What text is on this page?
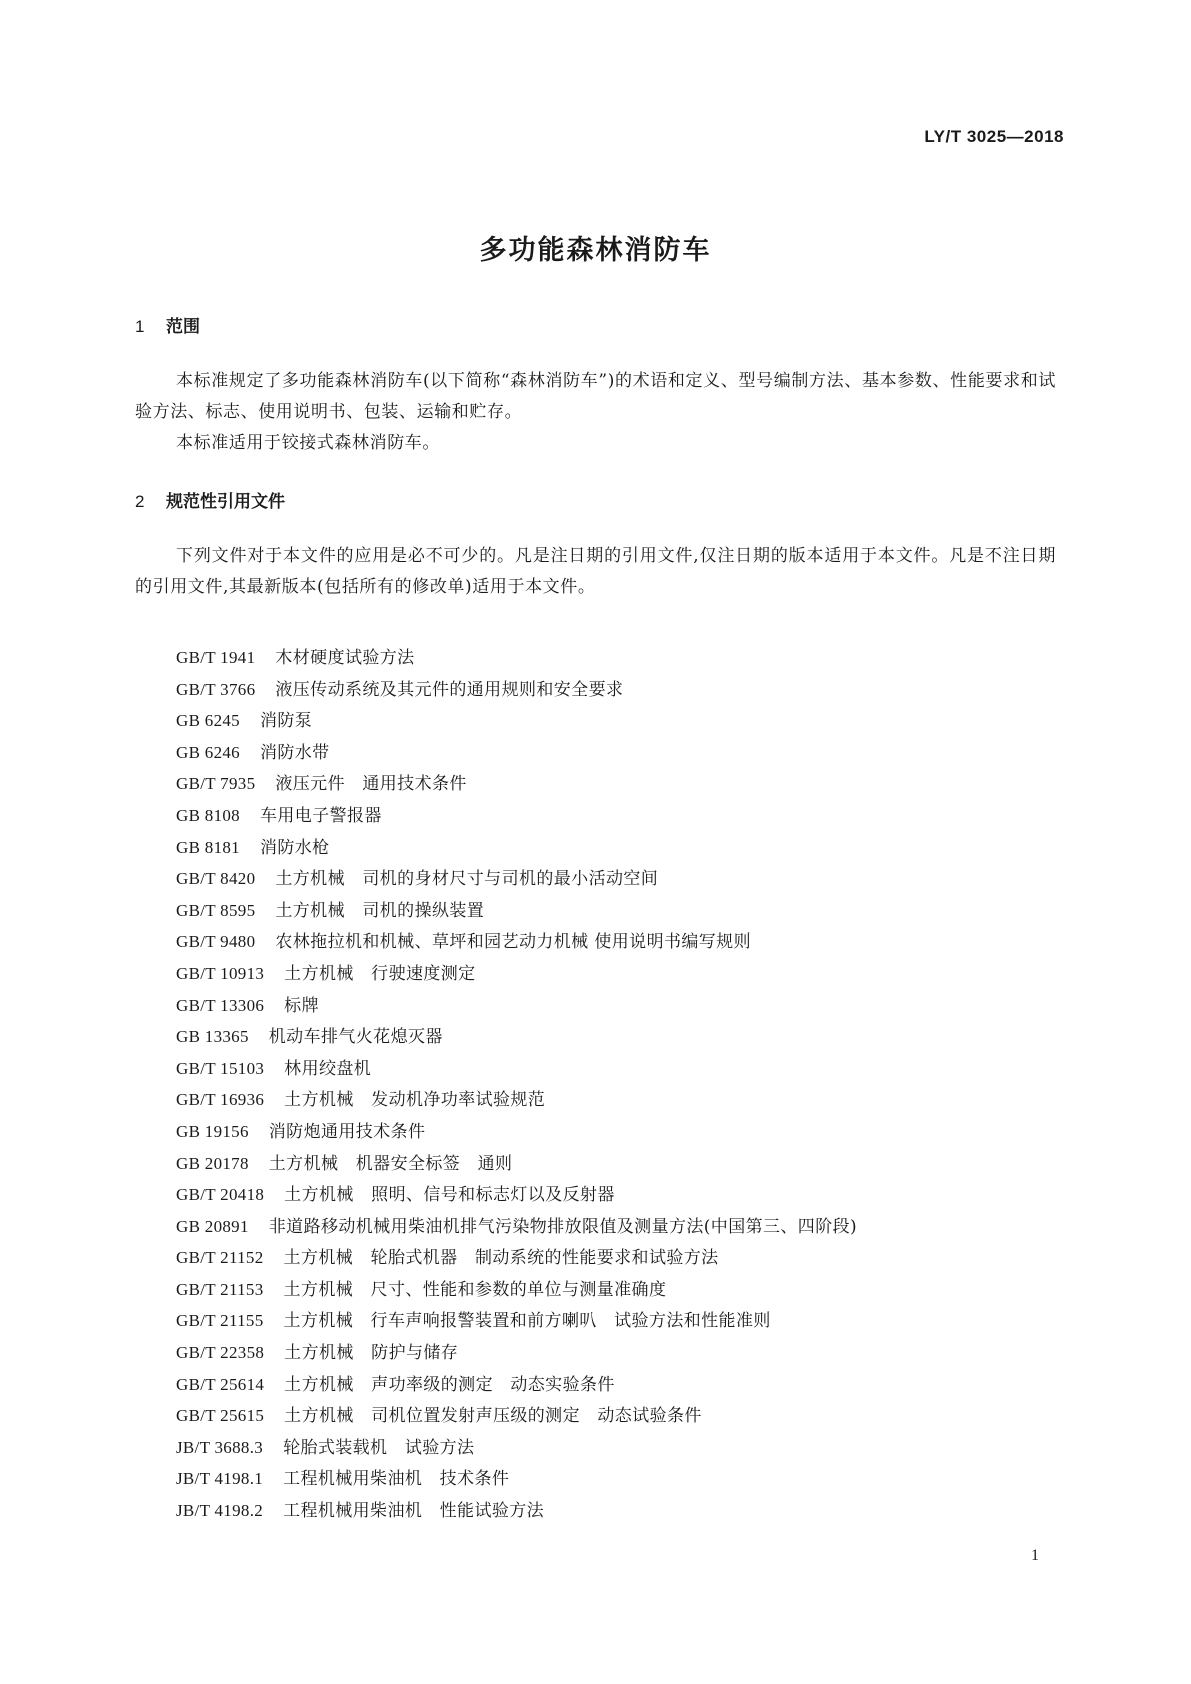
LY/T 3025—2018
多功能森林消防车
1 范围
本标准规定了多功能森林消防车(以下简称“森林消防车”)的术语和定义、型号编制方法、基本参数、性能要求和试验方法、标志、使用说明书、包装、运输和贮存。
本标准适用于铰接式森林消防车。
2 规范性引用文件
下列文件对于本文件的应用是必不可少的。凡是注日期的引用文件,仅注日期的版本适用于本文件。凡是不注日期的引用文件,其最新版本(包括所有的修改单)适用于本文件。
GB/T 1941 木材硬度试验方法
GB/T 3766 液压传动系统及其元件的通用规则和安全要求
GB 6245 消防泵
GB 6246 消防水带
GB/T 7935 液压元件　通用技术条件
GB 8108 车用电子警报器
GB 8181 消防水枪
GB/T 8420 土方机械　司机的身材尺寸与司机的最小活动空间
GB/T 8595 土方机械　司机的操纵装置
GB/T 9480 农林拖拉机和机械、草坪和园艺动力机械 使用说明书编写规则
GB/T 10913 土方机械　行驶速度测定
GB/T 13306 标牌
GB 13365 机动车排气火花熄灭器
GB/T 15103 林用绞盘机
GB/T 16936 土方机械　发动机净功率试验规范
GB 19156 消防炮通用技术条件
GB 20178 土方机械　机器安全标签　通则
GB/T 20418 土方机械　照明、信号和标志灯以及反射器
GB 20891 非道路移动机械用柴油机排气污染物排放限值及测量方法(中国第三、四阶段)
GB/T 21152 土方机械　轮胎式机器　制动系统的性能要求和试验方法
GB/T 21153 土方机械　尺寸、性能和参数的单位与测量准确度
GB/T 21155 土方机械　行车声响报警装置和前方喇叭　试验方法和性能准则
GB/T 22358 土方机械　防护与储存
GB/T 25614 土方机械　声功率级的测定　动态实验条件
GB/T 25615 土方机械　司机位置发射声压级的测定　动态试验条件
JB/T 3688.3 轮胎式装载机　试验方法
JB/T 4198.1 工程机械用柴油机　技术条件
JB/T 4198.2 工程机械用柴油机　性能试验方法
1
